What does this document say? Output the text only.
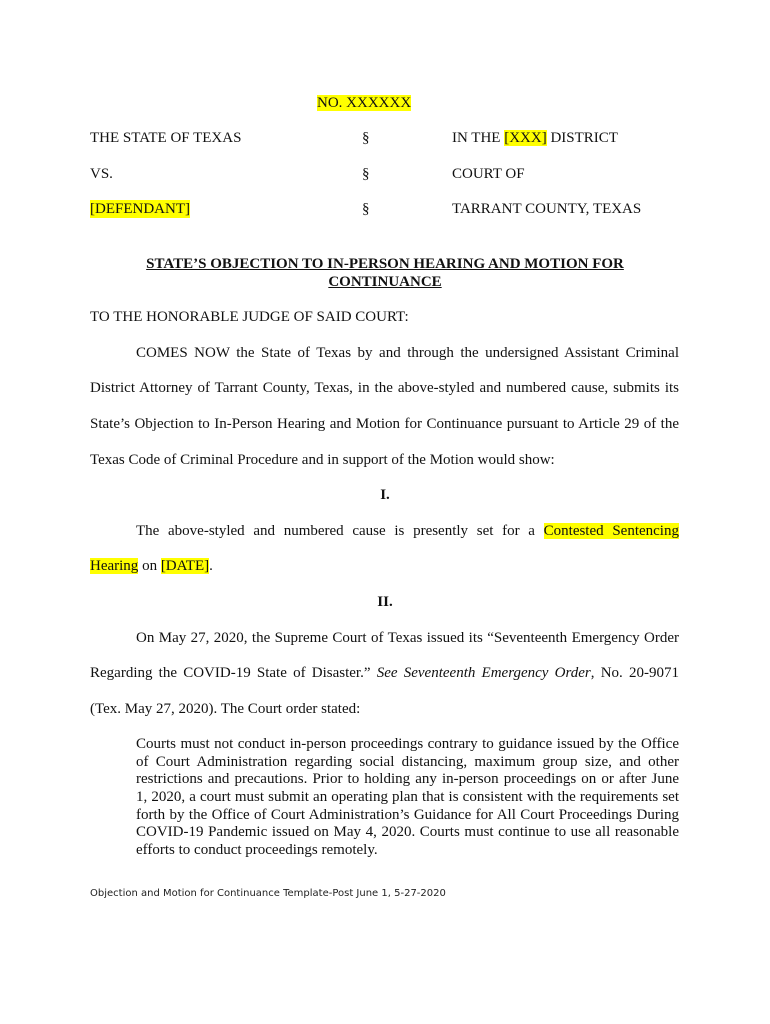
NO. XXXXXX
THE STATE OF TEXAS	§	IN THE [XXX] DISTRICT
VS.	§	COURT OF
[DEFENDANT]	§	TARRANT COUNTY, TEXAS
STATE’S OBJECTION TO IN-PERSON HEARING AND MOTION FOR
CONTINUANCE
TO THE HONORABLE JUDGE OF SAID COURT:
COMES NOW the State of Texas by and through the undersigned Assistant Criminal
District Attorney of Tarrant County, Texas, in the above-styled and numbered cause, submits its
State’s Objection to In-Person Hearing and Motion for Continuance pursuant to Article 29 of the
Texas Code of Criminal Procedure and in support of the Motion would show:
I.
The above-styled and numbered cause is presently set for a Contested Sentencing
Hearing on [DATE].
II.
On May 27, 2020, the Supreme Court of Texas issued its “Seventeenth Emergency Order
Regarding the COVID-19 State of Disaster.” See Seventeenth Emergency Order, No. 20-9071
(Tex. May 27, 2020). The Court order stated:
Courts must not conduct in-person proceedings contrary to guidance issued by the Office
of Court Administration regarding social distancing, maximum group size, and other
restrictions and precautions. Prior to holding any in-person proceedings on or after June
1, 2020, a court must submit an operating plan that is consistent with the requirements set
forth by the Office of Court Administration’s Guidance for All Court Proceedings During
COVID-19 Pandemic issued on May 4, 2020. Courts must continue to use all reasonable
efforts to conduct proceedings remotely.
Objection and Motion for Continuance Template-Post June 1, 5-27-2020
